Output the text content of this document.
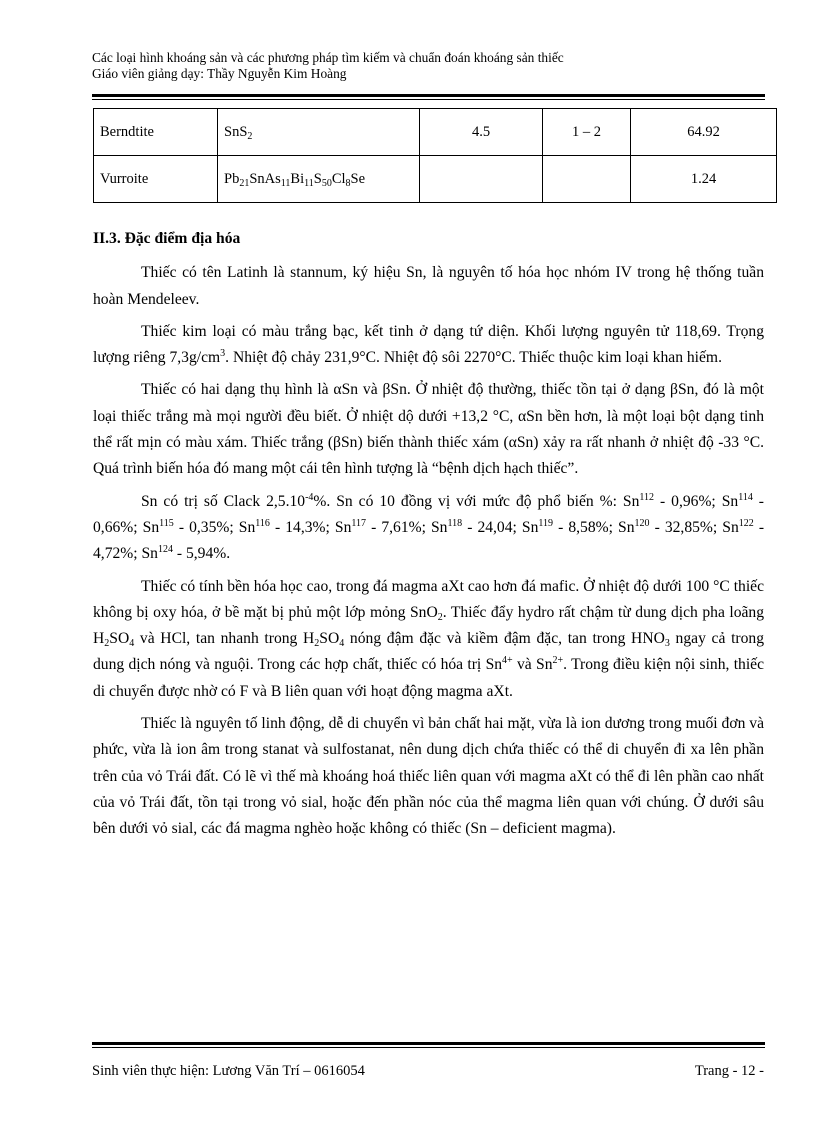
Các loại hình khoáng sản và các phương pháp tìm kiếm và chuẩn đoán khoáng sản thiếc
Giáo viên giảng dạy: Thầy Nguyễn Kim Hoàng
Berndtite	SnS$_2$	4.5	1 – 2	64.92
Vurroite	$Pb_{21}SnAs_{11}Bi_{11}S_{50}Cl_8Se$			1.24
II.3. Đặc điểm địa hóa

Thiếc có tên Latinh là stannum, ký hiệu Sn, là nguyên tố hóa học nhóm IV trong hệ thống tuần hoàn Mendeleev.

Thiếc kim loại có màu trắng bạc, kết tinh ở dạng tứ diện. Khối lượng nguyên tử 118,69. Trọng lượng riêng $7,3g/cm^3$. Nhiệt độ chảy 231,9°C. Nhiệt độ sôi 2270°C. Thiếc thuộc kim loại khan hiếm.

Thiếc có hai dạng thụ hình là αSn và βSn. Ở nhiệt độ thường, thiếc tồn tại ở dạng βSn, đó là một loại thiếc trắng mà mọi người đều biết. Ở nhiệt dộ dưới +13,2 °C, αSn bền hơn, là một loại bột dạng tinh thể rất mịn có màu xám. Thiếc trắng (βSn) biến thành thiếc xám (αSn) xảy ra rất nhanh ở nhiệt độ -33 °C. Quá trình biến hóa đó mang một cái tên hình tượng là “bệnh dịch hạch thiếc”.

Sn có trị số Clack $2,5.10^{-4}\%$. Sn có 10 đồng vị với mức độ phổ biến %: Sn$^{112}$ - 0,96%; Sn$^{114}$ - 0,66%; Sn$^{115}$ - 0,35%; Sn$^{116}$ - 14,3%; Sn$^{117}$ - 7,61%; Sn$^{118}$ - 24,04; Sn$^{119}$ - 8,58%; Sn$^{120}$ - 32,85%; Sn$^{122}$ - 4,72%; Sn$^{124}$ - 5,94%.

Thiếc có tính bền hóa học cao, trong đá magma aXt cao hơn đá mafic. Ở nhiệt độ dưới 100 °C thiếc không bị oxy hóa, ở bề mặt bị phủ một lớp mỏng SnO$_2$. Thiếc đẩy hydro rất chậm từ dung dịch pha loãng $H_2SO_4$ và HCl, tan nhanh trong $H_2SO_4$ nóng đậm đặc và kiềm đậm đặc, tan trong $HNO_3$ ngay cả trong dung dịch nóng và nguội. Trong các hợp chất, thiếc có hóa trị $Sn^{4+}$ và $Sn^{2+}$. Trong điều kiện nội sinh, thiếc di chuyển được nhờ có F và B liên quan với hoạt động magma aXt.

Thiếc là nguyên tố linh động, dễ di chuyển vì bản chất hai mặt, vừa là ion dương trong muối đơn và phức, vừa là ion âm trong stanat và sulfostanat, nên dung dịch chứa thiếc có thể di chuyển đi xa lên phần trên của vỏ Trái đất. Có lẽ vì thế mà khoáng hoá thiếc liên quan với magma aXt có thể đi lên phần cao nhất của vỏ Trái đất, tồn tại trong vỏ sial, hoặc đến phần nóc của thể magma liên quan với chúng. Ở dưới sâu bên dưới vỏ sial, các đá magma nghèo hoặc không có thiếc (Sn – deficient magma).

Sinh viên thực hiện: Lương Văn Trí – 0616054	Trang - 12 -
